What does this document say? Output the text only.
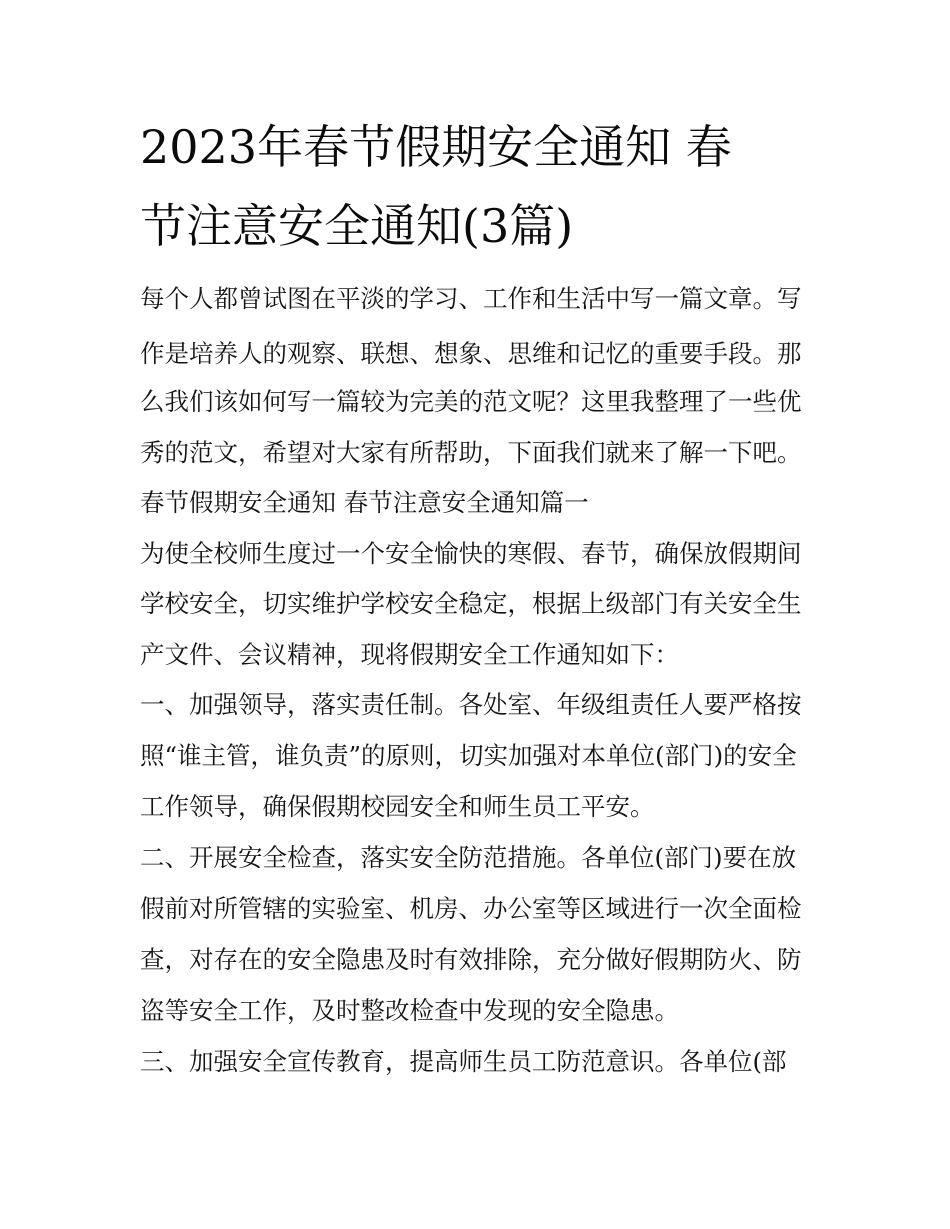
2023年春节假期安全通知 春
节注意安全通知(3篇)
每个人都曾试图在平淡的学习、工作和生活中写一篇文章。写
作是培养人的观察、联想、想象、思维和记忆的重要手段。那
么我们该如何写一篇较为完美的范文呢？这里我整理了一些优
秀的范文，希望对大家有所帮助，下面我们就来了解一下吧。
春节假期安全通知 春节注意安全通知篇一
为使全校师生度过一个安全愉快的寒假、春节，确保放假期间
学校安全，切实维护学校安全稳定，根据上级部门有关安全生
产文件、会议精神，现将假期安全工作通知如下：
一、加强领导，落实责任制。各处室、年级组责任人要严格按
照“谁主管，谁负责”的原则，切实加强对本单位(部门)的安全
工作领导，确保假期校园安全和师生员工平安。
二、开展安全检查，落实安全防范措施。各单位(部门)要在放
假前对所管辖的实验室、机房、办公室等区域进行一次全面检
查，对存在的安全隐患及时有效排除，充分做好假期防火、防
盗等安全工作，及时整改检查中发现的安全隐患。
三、加强安全宣传教育，提高师生员工防范意识。各单位(部
